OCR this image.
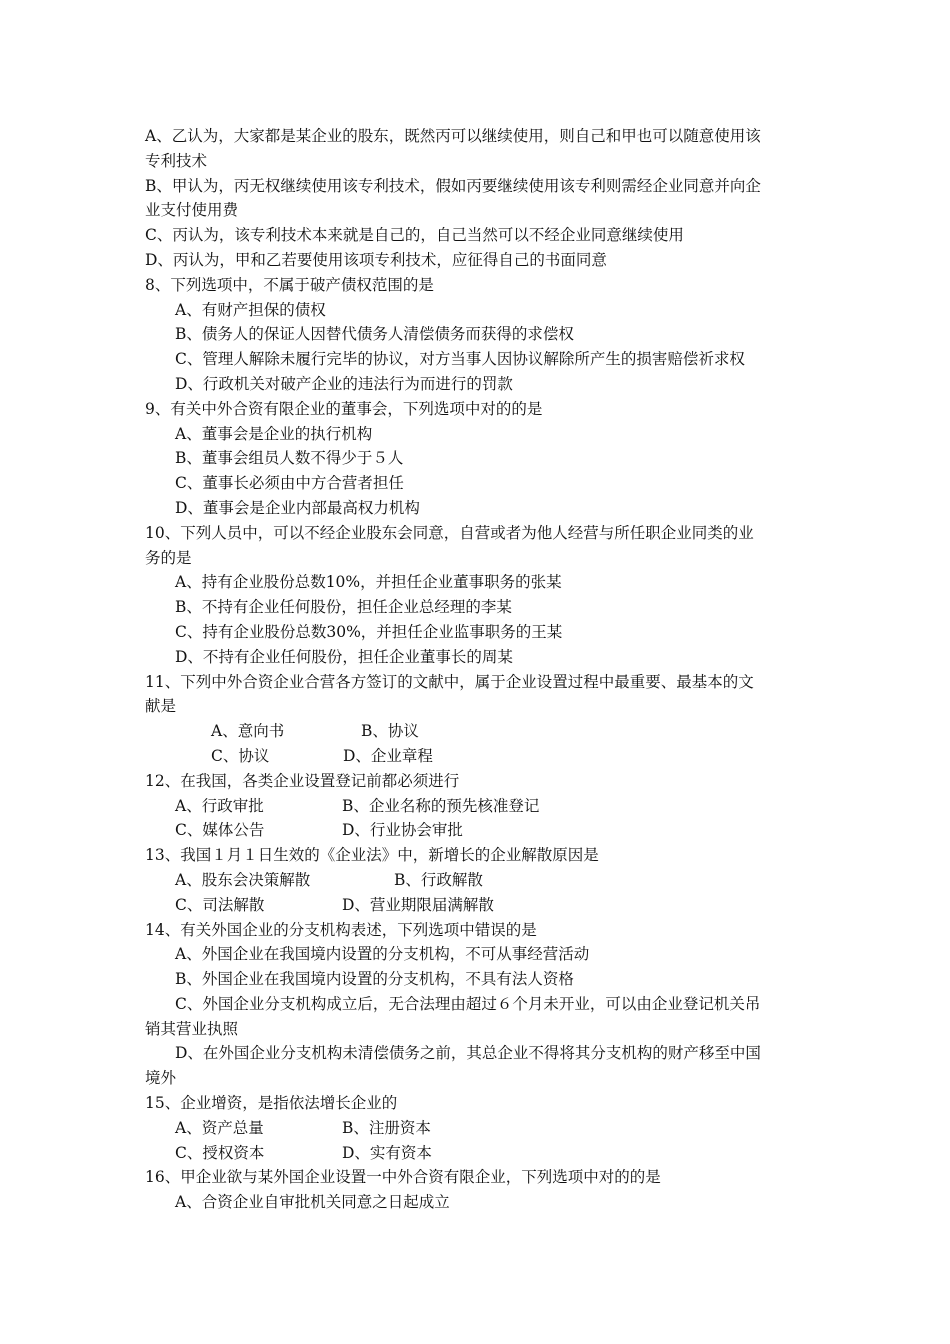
A、乙认为，大家都是某企业的股东，既然丙可以继续使用，则自己和甲也可以随意使用该
专利技术
B、甲认为，丙无权继续使用该专利技术，假如丙要继续使用该专利则需经企业同意并向企
业支付使用费
C、丙认为，该专利技术本来就是自己的，自己当然可以不经企业同意继续使用
D、丙认为，甲和乙若要使用该项专利技术，应征得自己的书面同意
8、下列选项中，不属于破产债权范围的是
A、有财产担保的债权
B、债务人的保证人因替代债务人清偿债务而获得的求偿权
C、管理人解除未履行完毕的协议，对方当事人因协议解除所产生的损害赔偿祈求权
D、行政机关对破产企业的违法行为而进行的罚款
9、有关中外合资有限企业的董事会，下列选项中对的的是
A、董事会是企业的执行机构
B、董事会组员人数不得少于５人
C、董事长必须由中方合营者担任
D、董事会是企业内部最高权力机构
10、下列人员中，可以不经企业股东会同意，自营或者为他人经营与所任职企业同类的业
务的是
A、持有企业股份总数10%，并担任企业董事职务的张某
B、不持有企业任何股份，担任企业总经理的李某
C、持有企业股份总数30%，并担任企业监事职务的王某
D、不持有企业任何股份，担任企业董事长的周某
11、下列中外合资企业合营各方签订的文献中，属于企业设置过程中最重要、最基本的文
献是
A、意向书	B、协议
C、协议	D、企业章程
12、在我国，各类企业设置登记前都必须进行
A、行政审批	B、企业名称的预先核准登记
C、媒体公告	D、行业协会审批
13、我国１月１日生效的《企业法》中，新增长的企业解散原因是
A、股东会决策解散	B、行政解散
C、司法解散	D、营业期限届满解散
14、有关外国企业的分支机构表述，下列选项中错误的是
A、外国企业在我国境内设置的分支机构，不可从事经营活动
B、外国企业在我国境内设置的分支机构，不具有法人资格
C、外国企业分支机构成立后，无合法理由超过６个月未开业，可以由企业登记机关吊
销其营业执照
D、在外国企业分支机构未清偿债务之前，其总企业不得将其分支机构的财产移至中国
境外
15、企业增资，是指依法增长企业的
A、资产总量	B、注册资本
C、授权资本	D、实有资本
16、甲企业欲与某外国企业设置一中外合资有限企业，下列选项中对的的是
A、合资企业自审批机关同意之日起成立
